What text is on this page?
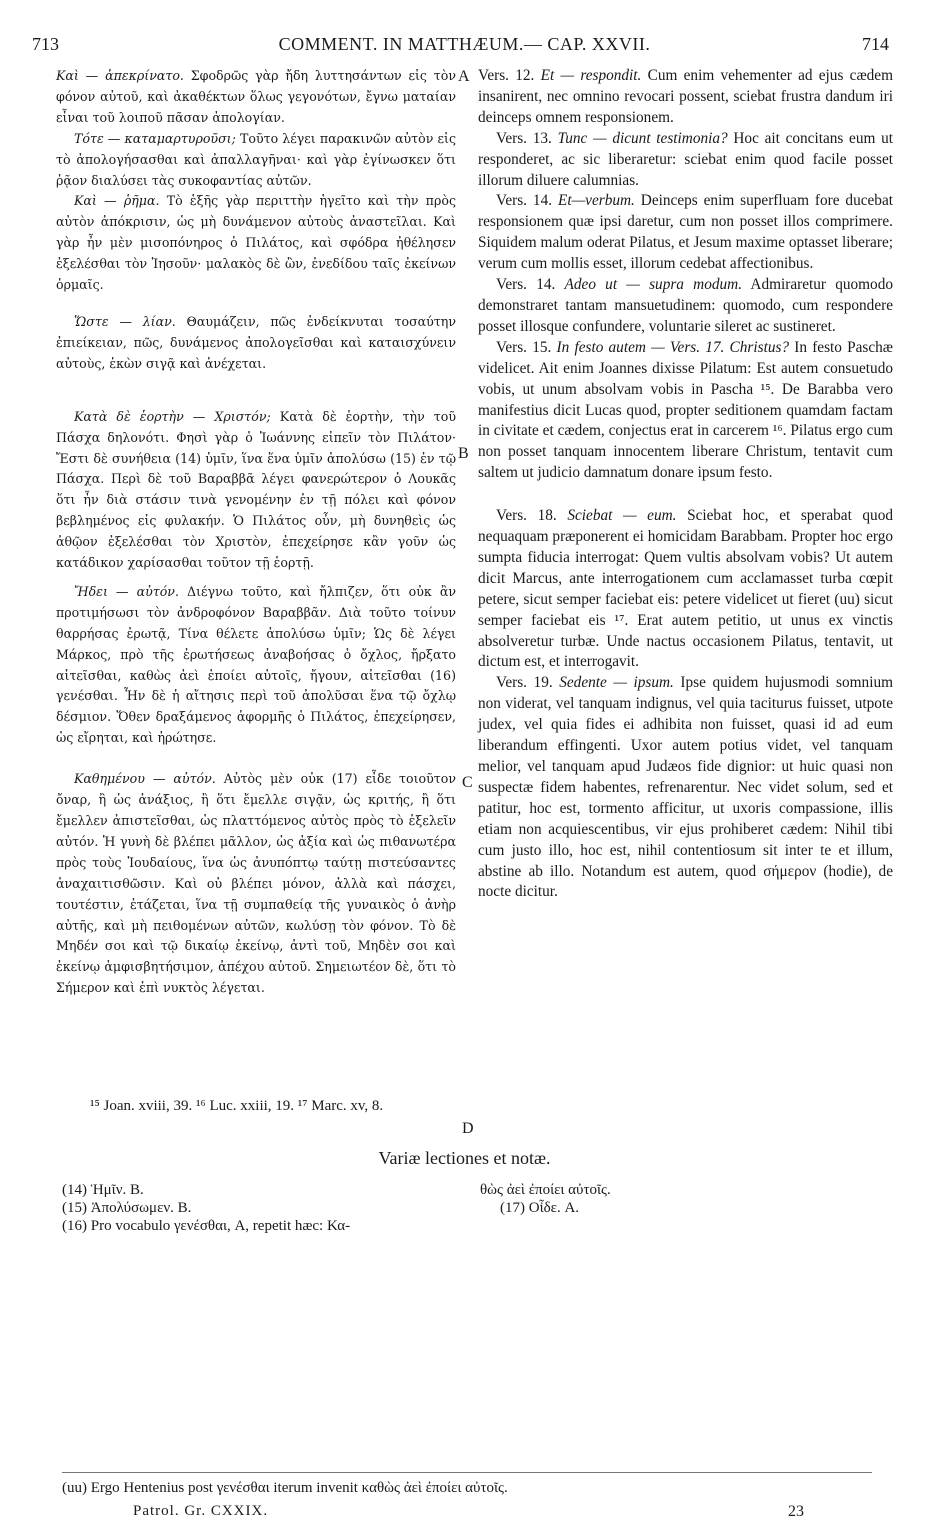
713	COMMENT. IN MATTHÆUM.— CAP. XXVII.	714

Καὶ — ἀπεκρίνατο. Σφοδρῶς γὰρ ἤδη λυττησάντων εἰς τὸν φόνον αὐτοῦ, καὶ ἀκαθέκτων ὅλως γεγονότων, ἔγνω ματαίαν εἶναι τοῦ λοιποῦ πᾶσαν ἀπολογίαν.

Τότε — καταμαρτυροῦσι; Τοῦτο λέγει παρακινῶν αὐτὸν εἰς τὸ ἀπολογήσασθαι καὶ ἀπαλλαγῆναι· καὶ γὰρ ἐγίνωσκεν ὅτι ῥᾷον διαλύσει τὰς συκοφαντίας αὐτῶν.

Καὶ — ῥῆμα. Τὸ ἑξῆς γὰρ περιττὴν ἡγεῖτο καὶ τὴν πρὸς αὐτὸν ἀπόκρισιν, ὡς μὴ δυνάμενον αὐτοὺς ἀναστεῖλαι. Καὶ γὰρ ἦν μὲν μισοπόνηρος ὁ Πιλάτος, καὶ σφόδρα ἠθέλησεν ἐξελέσθαι τὸν Ἰησοῦν· μαλακὸς δὲ ὢν, ἐνεδίδου ταῖς ἐκείνων ὁρμαῖς.

Ὥστε — λίαν. Θαυμάζειν, πῶς ἐνδείκνυται τοσαύτην ἐπιείκειαν, πῶς, δυνάμενος ἀπολογεῖσθαι καὶ καταισχύνειν αὐτοὺς, ἑκὼν σιγᾷ καὶ ἀνέχεται.

Κατὰ δὲ ἑορτὴν — Χριστόν; Κατὰ δὲ ἑορτὴν, τὴν τοῦ Πάσχα δηλονότι. Φησὶ γὰρ ὁ Ἰωάννης εἰπεῖν τὸν Πιλάτον· Ἔστι δὲ συνήθεια (14) ὑμῖν, ἵνα ἕνα ὑμῖν ἀπολύσω (15) ἐν τῷ Πάσχα. Περὶ δὲ τοῦ Βαραββᾶ λέγει φανερώτερον ὁ Λουκᾶς ὅτι ἦν διὰ στάσιν τινὰ γενομένην ἐν τῇ πόλει καὶ φόνον βεβλημένος εἰς φυλακήν. Ὁ Πιλάτος οὖν, μὴ δυνηθεὶς ὡς ἀθῷον ἐξελέσθαι τὸν Χριστὸν, ἐπεχείρησε κἂν γοῦν ὡς κατάδικον χαρίσασθαι τοῦτον τῇ ἑορτῇ.

Ἤδει — αὐτόν. Διέγνω τοῦτο, καὶ ἤλπιζεν, ὅτι οὐκ ἂν προτιμήσωσι τὸν ἀνδροφόνον Βαραββᾶν. Διὰ τοῦτο τοίνυν θαρρήσας ἐρωτᾷ, Τίνα θέλετε ἀπολύσω ὑμῖν; Ὡς δὲ λέγει Μάρκος, πρὸ τῆς ἐρωτήσεως ἀναβοήσας ὁ ὄχλος, ἤρξατο αἰτεῖσθαι, καθὼς ἀεὶ ἐποίει αὐτοῖς, ἤγουν, αἰτεῖσθαι (16) γενέσθαι. Ἦν δὲ ἡ αἴτησις περὶ τοῦ ἀπολῦσαι ἕνα τῷ ὄχλῳ δέσμιον. Ὅθεν δραξάμενος ἀφορμῆς ὁ Πιλάτος, ἐπεχείρησεν, ὡς εἴρηται, καὶ ἠρώτησε.

Καθημένου — αὐτόν. Αὐτὸς μὲν οὐκ (17) εἶδε τοιοῦτον ὄναρ, ἢ ὡς ἀνάξιος, ἢ ὅτι ἔμελλε σιγᾷν, ὡς κριτής, ἢ ὅτι ἔμελλεν ἀπιστεῖσθαι, ὡς πλαττόμενος αὐτὸς πρὸς τὸ ἐξελεῖν αὐτόν. Ἡ γυνὴ δὲ βλέπει μᾶλλον, ὡς ἀξία καὶ ὡς πιθανωτέρα πρὸς τοὺς Ἰουδαίους, ἵνα ὡς ἀνυπόπτῳ ταύτῃ πιστεύσαντες ἀναχαιτισθῶσιν. Καὶ οὐ βλέπει μόνον, ἀλλὰ καὶ πάσχει, τουτέστιν, ἐτάζεται, ἵνα τῇ συμπαθείᾳ τῆς γυναικὸς ὁ ἀνὴρ αὐτῆς, καὶ μὴ πειθομένων αὐτῶν, κωλύσῃ τὸν φόνον. Τὸ δὲ Μηδέν σοι καὶ τῷ δικαίῳ ἐκείνῳ, ἀντὶ τοῦ, Μηδὲν σοι καὶ ἐκείνῳ ἀμφισβητήσιμον, ἀπέχου αὐτοῦ. Σημειωτέον δὲ, ὅτι τὸ Σήμερον καὶ ἐπὶ νυκτὸς λέγεται.

A
B
C
D

Vers. 12. Et — respondit. Cum enim vehementer ad ejus cædem insanirent, nec omnino revocari possent, sciebat frustra dandum iri deinceps omnem responsionem.

Vers. 13. Tunc — dicunt testimonia? Hoc ait concitans eum ut responderet, ac sic liberaretur: sciebat enim quod facile posset illorum diluere calumnias.

Vers. 14. Et—verbum. Deinceps enim superfluam fore ducebat responsionem quæ ipsi daretur, cum non posset illos comprimere. Siquidem malum oderat Pilatus, et Jesum maxime optasset liberare; verum cum mollis esset, illorum cedebat affectionibus.

Vers. 14. Adeo ut — supra modum. Admiraretur quomodo demonstraret tantam mansuetudinem: quomodo, cum respondere posset illosque confundere, voluntarie sileret ac sustineret.

Vers. 15. In festo autem — Vers. 17. Christus? In festo Paschæ videlicet. Ait enim Joannes dixisse Pilatum: Est autem consuetudo vobis, ut unum absolvam vobis in Pascha ¹⁵. De Barabba vero manifestius dicit Lucas quod, propter seditionem quamdam factam in civitate et cædem, conjectus erat in carcerem ¹⁶. Pilatus ergo cum non posset tanquam innocentem liberare Christum, tentavit cum saltem ut judicio damnatum donare ipsum festo.

Vers. 18. Sciebat — eum. Sciebat hoc, et sperabat quod nequaquam præponerent ei homicidam Barabbam. Propter hoc ergo sumpta fiducia interrogat: Quem vultis absolvam vobis? Ut autem dicit Marcus, ante interrogationem cum acclamasset turba cœpit petere, sicut semper faciebat eis: petere videlicet ut fieret (uu) sicut semper faciebat eis ¹⁷. Erat autem petitio, ut unus ex vinctis absolveretur turbæ. Unde nactus occasionem Pilatus, tentavit, ut dictum est, et interrogavit.

Vers. 19. Sedente — ipsum. Ipse quidem hujusmodi somnium non viderat, vel tanquam indignus, vel quia taciturus fuisset, utpote judex, vel quia fides ei adhibita non fuisset, quasi id ad eum liberandum effingenti. Uxor autem potius videt, vel tanquam melior, vel tanquam apud Judæos fide dignior: ut huic quasi non suspectæ fidem habentes, refrenarentur. Nec videt solum, sed et patitur, hoc est, tormento afficitur, ut uxoris compassione, illis etiam non acquiescentibus, vir ejus prohiberet cædem: Nihil tibi cum justo illo, hoc est, nihil contentiosum sit inter te et illum, abstine ab illo. Notandum est autem, quod σήμερον (hodie), de nocte dicitur.

¹⁵ Joan. xviii, 39. ¹⁶ Luc. xxiii, 19. ¹⁷ Marc. xv, 8.
Variæ lectiones et notæ.
(14) Ἡμῖν. B.
(15) Ἀπολύσωμεν. B.
(16) Pro vocabulo γενέσθαι, A, repetit hæc: Κα-
θὼς ἀεὶ ἐποίει αὐτοῖς.
(17) Οἶδε. A.
(uu) Ergo Hentenius post γενέσθαι iterum invenit καθὼς ἀεὶ ἐποίει αὐτοῖς.
Patrol. Gr. CXXIX.	23
